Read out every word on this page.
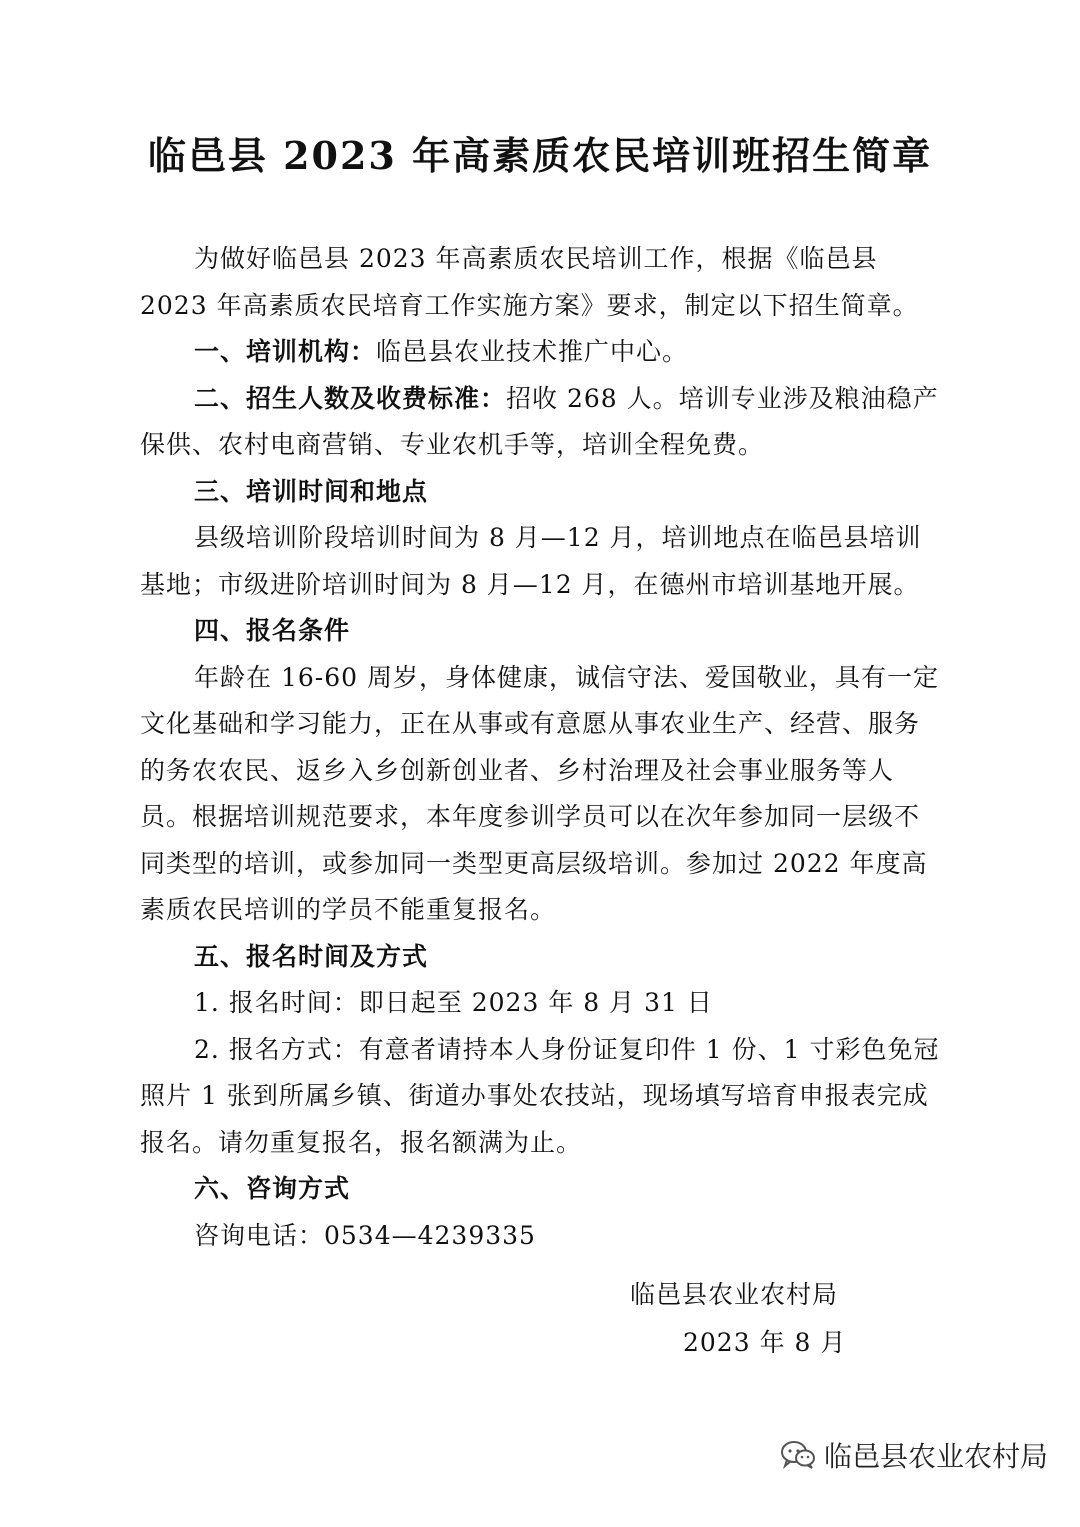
临邑县 2023 年高素质农民培训班招生简章

为做好临邑县 2023 年高素质农民培训工作，根据《临邑县 2023 年高素质农民培育工作实施方案》要求，制定以下招生简章。

一、培训机构：临邑县农业技术推广中心。

二、招生人数及收费标准：招收 268 人。培训专业涉及粮油稳产保供、农村电商营销、专业农机手等，培训全程免费。

三、培训时间和地点

县级培训阶段培训时间为 8 月—12 月，培训地点在临邑县培训基地；市级进阶培训时间为 8 月—12 月，在德州市培训基地开展。

四、报名条件

年龄在 16-60 周岁，身体健康，诚信守法、爱国敬业，具有一定文化基础和学习能力，正在从事或有意愿从事农业生产、经营、服务的务农农民、返乡入乡创新创业者、乡村治理及社会事业服务等人员。根据培训规范要求，本年度参训学员可以在次年参加同一层级不同类型的培训，或参加同一类型更高层级培训。参加过 2022 年度高素质农民培训的学员不能重复报名。

五、报名时间及方式

1. 报名时间：即日起至 2023 年 8 月 31 日

2. 报名方式：有意者请持本人身份证复印件 1 份、1 寸彩色免冠照片 1 张到所属乡镇、街道办事处农技站，现场填写培育申报表完成报名。请勿重复报名，报名额满为止。

六、咨询方式

咨询电话：0534—4239335

临邑县农业农村局
2023 年 8 月
临邑县农业农村局
